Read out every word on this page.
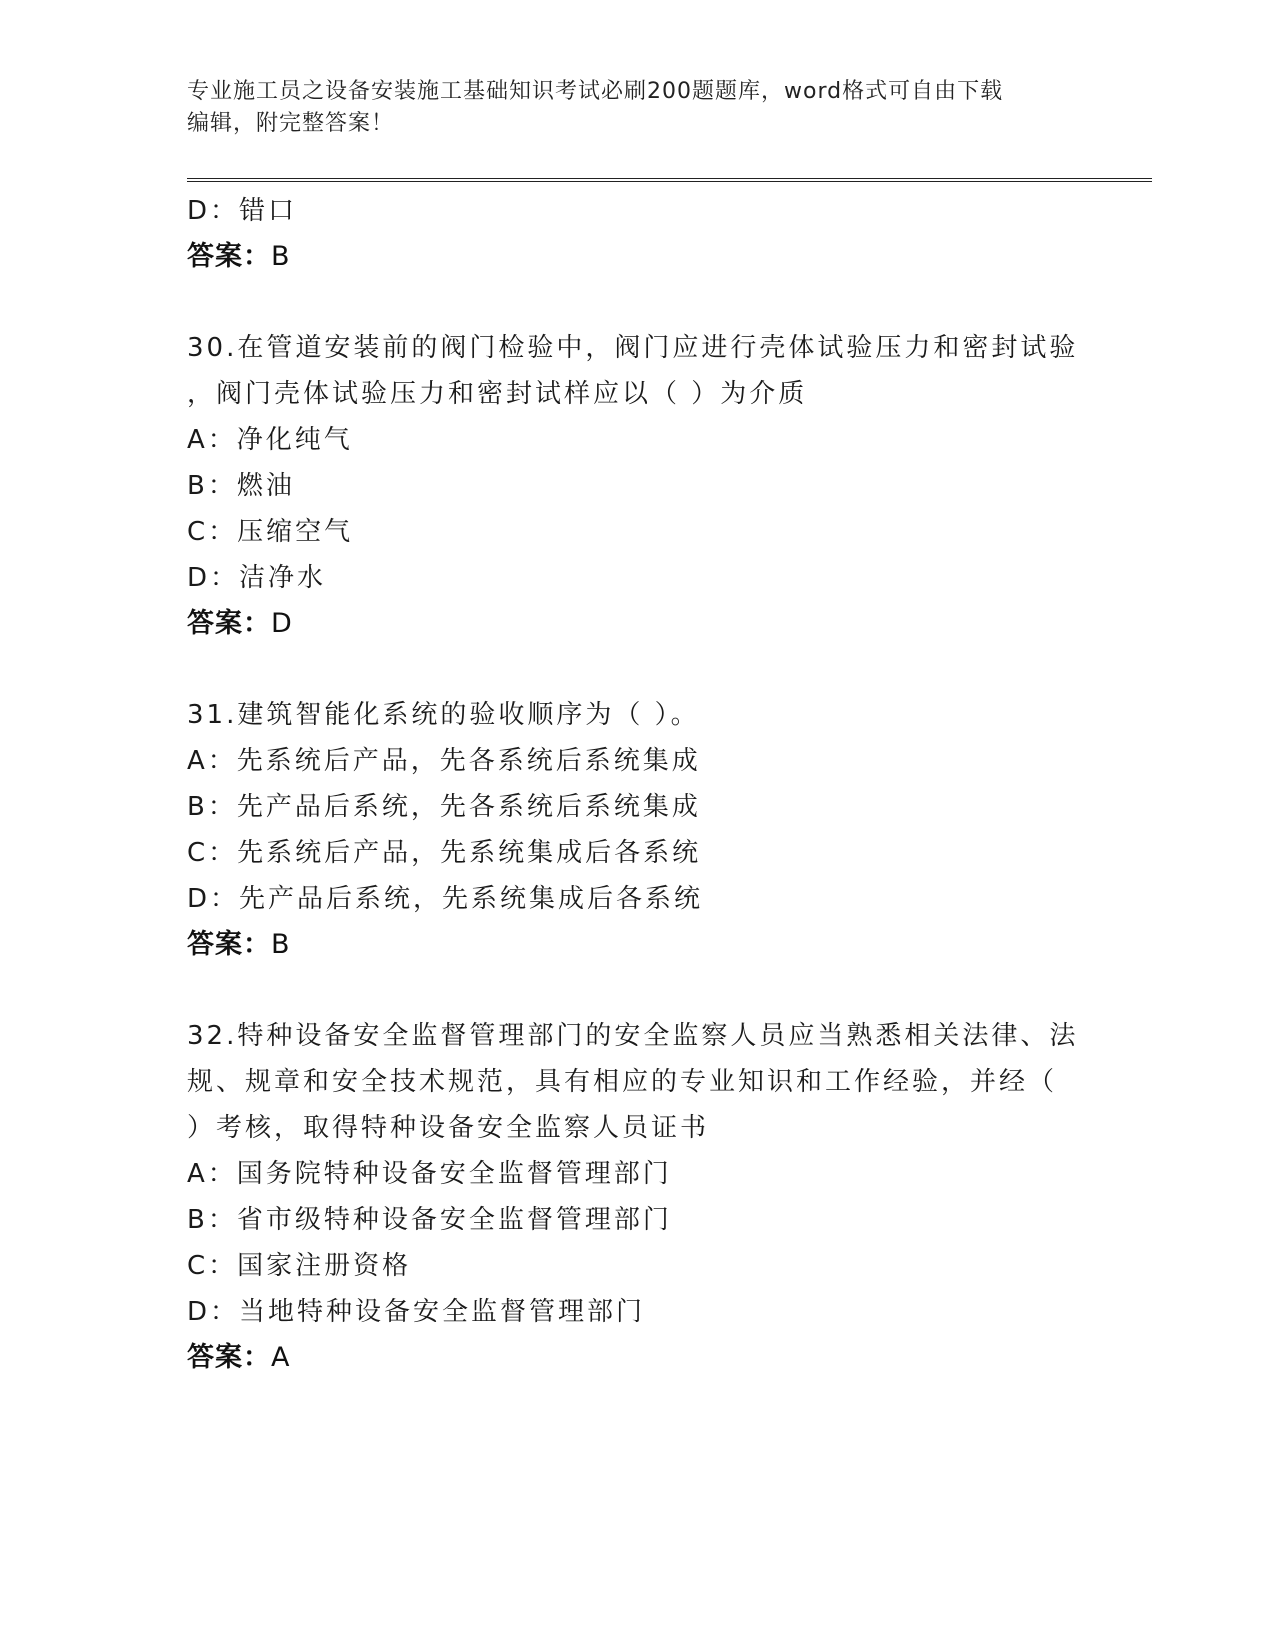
专业施工员之设备安装施工基础知识考试必刷200题题库，word格式可自由下载
编辑，附完整答案！
D：错口
答案：B
30.在管道安装前的阀门检验中，阀门应进行壳体试验压力和密封试验
，阀门壳体试验压力和密封试样应以（ ）为介质
A：净化纯气
B：燃油
C：压缩空气
D：洁净水
答案：D
31.建筑智能化系统的验收顺序为（ ）。
A：先系统后产品，先各系统后系统集成
B：先产品后系统，先各系统后系统集成
C：先系统后产品，先系统集成后各系统
D：先产品后系统，先系统集成后各系统
答案：B
32.特种设备安全监督管理部门的安全监察人员应当熟悉相关法律、法
规、规章和安全技术规范，具有相应的专业知识和工作经验，并经（
）考核，取得特种设备安全监察人员证书
A：国务院特种设备安全监督管理部门
B：省市级特种设备安全监督管理部门
C：国家注册资格
D：当地特种设备安全监督管理部门
答案：A
